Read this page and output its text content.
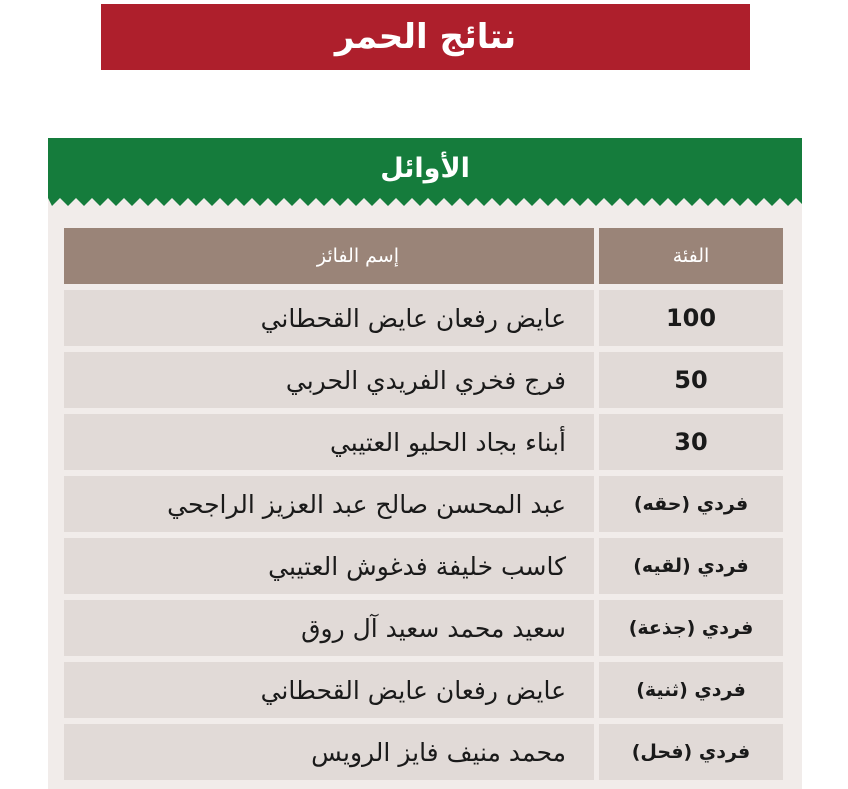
نتائج الحمر
الأوائل
إسم الفائز	الفئة
عايض رفعان عايض القحطاني	100
فرج فخري الفريدي الحربي	50
أبناء بجاد الحليو العتيبي	30
عبد المحسن صالح عبد العزيز الراجحي	فردي (حقه)
كاسب خليفة فدغوش العتيبي	فردي (لقيه)
سعيد محمد سعيد آل روق	فردي (جذعة)
عايض رفعان عايض القحطاني	فردي (ثنية)
محمد منيف فايز الرويس	فردي (فحل)
